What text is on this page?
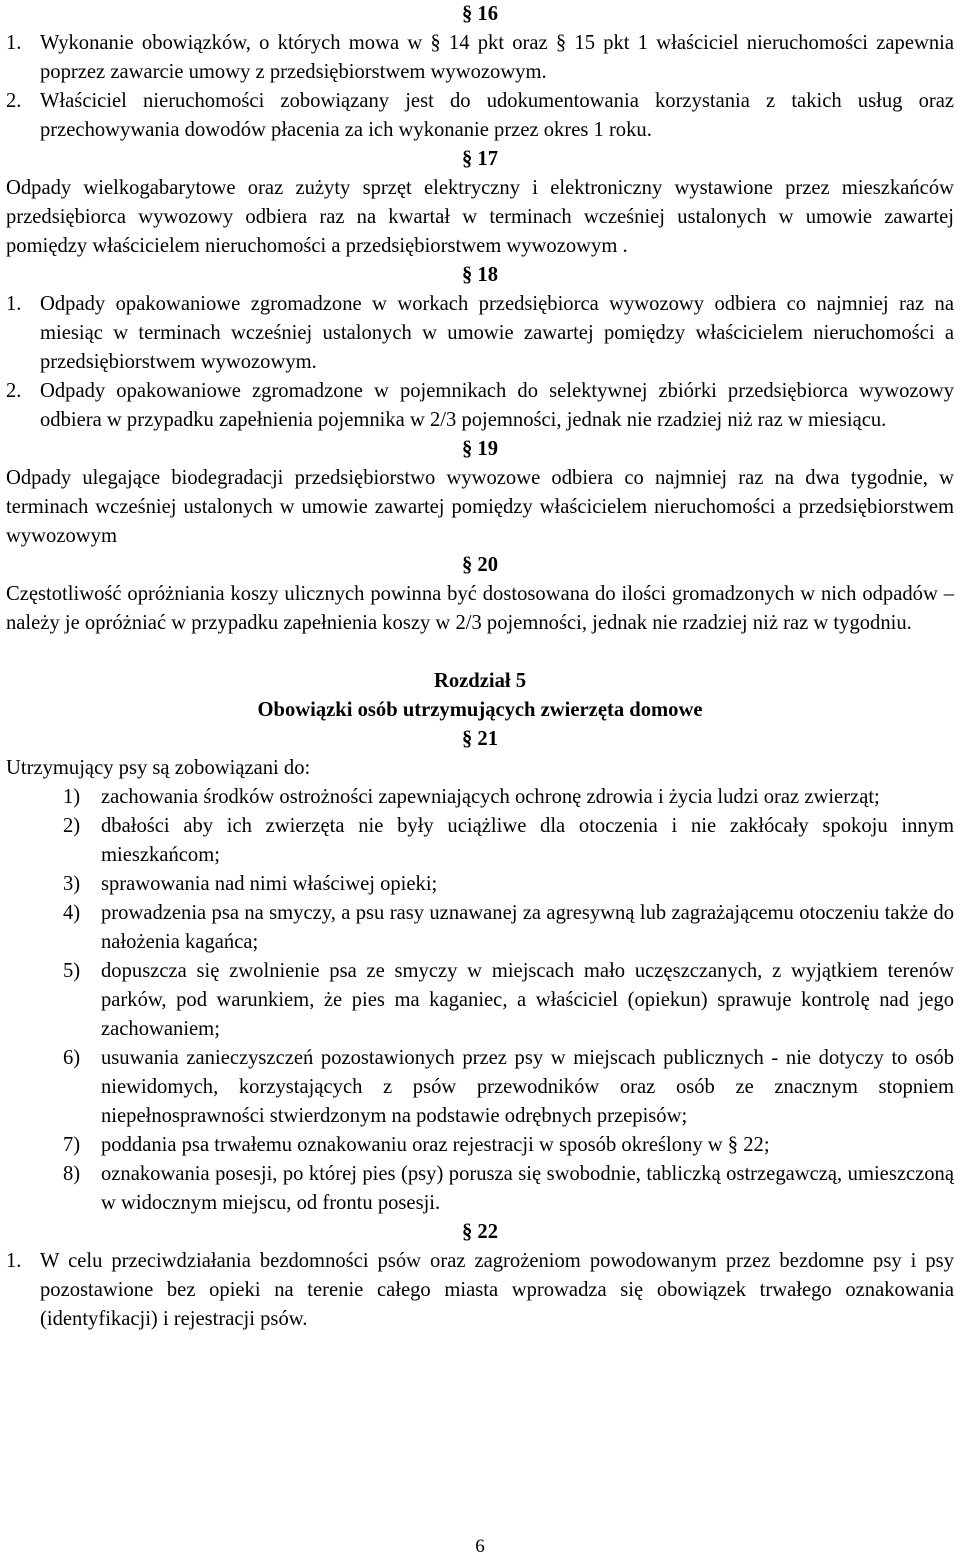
§ 16

1. Wykonanie obowiązków, o których mowa w § 14 pkt oraz § 15 pkt 1 właściciel nieruchomości zapewnia poprzez zawarcie umowy z przedsiębiorstwem wywozowym.
2. Właściciel nieruchomości zobowiązany jest do udokumentowania korzystania z takich usług oraz przechowywania dowodów płacenia za ich wykonanie przez okres 1 roku.

§ 17

Odpady wielkogabarytowe oraz zużyty sprzęt elektryczny i elektroniczny wystawione przez mieszkańców przedsiębiorca wywozowy odbiera raz na kwartał w terminach wcześniej ustalonych w umowie zawartej pomiędzy właścicielem nieruchomości a przedsiębiorstwem wywozowym .

§ 18

1. Odpady opakowaniowe zgromadzone w workach przedsiębiorca wywozowy odbiera co najmniej raz na miesiąc w terminach wcześniej ustalonych w umowie zawartej pomiędzy właścicielem nieruchomości a przedsiębiorstwem wywozowym.
2. Odpady opakowaniowe zgromadzone w pojemnikach do selektywnej zbiórki przedsiębiorca wywozowy odbiera w przypadku zapełnienia pojemnika w 2/3 pojemności, jednak nie rzadziej niż raz w miesiącu.

§ 19

Odpady ulegające biodegradacji przedsiębiorstwo wywozowe odbiera co najmniej raz na dwa tygodnie, w terminach wcześniej ustalonych w umowie zawartej pomiędzy właścicielem nieruchomości a przedsiębiorstwem wywozowym

§ 20

Częstotliwość opróżniania koszy ulicznych powinna być dostosowana do ilości gromadzonych w nich odpadów – należy je opróżniać w przypadku zapełnienia koszy w 2/3 pojemności, jednak nie rzadziej niż raz w tygodniu.

Rozdział 5

Obowiązki osób utrzymujących zwierzęta domowe

§ 21

Utrzymujący psy są zobowiązani do:

1)	zachowania środków ostrożności zapewniających ochronę zdrowia i życia ludzi oraz zwierząt;
2)	dbałości aby ich zwierzęta nie były uciążliwe dla otoczenia i nie zakłócały spokoju innym mieszkańcom;
3)	sprawowania nad nimi właściwej opieki;
4)	prowadzenia psa na smyczy, a psu rasy uznawanej za agresywną lub zagrażającemu otoczeniu także do nałożenia kagańca;
5)	dopuszcza się zwolnienie psa ze smyczy w miejscach mało uczęszczanych, z wyjątkiem terenów parków, pod warunkiem, że pies ma kaganiec, a właściciel (opiekun) sprawuje kontrolę nad jego zachowaniem;
6)	usuwania zanieczyszczeń pozostawionych przez psy w miejscach publicznych - nie dotyczy to osób niewidomych, korzystających z psów przewodników oraz osób ze znacznym stopniem niepełnosprawności stwierdzonym na podstawie odrębnych przepisów;
7)	poddania psa trwałemu oznakowaniu oraz rejestracji w sposób określony w § 22;
8)	oznakowania posesji, po której pies (psy) porusza się swobodnie, tabliczką ostrzegawczą, umieszczoną w widocznym miejscu, od frontu posesji.

§ 22

1. W celu przeciwdziałania bezdomności psów oraz zagrożeniom powodowanym przez bezdomne psy i psy pozostawione bez opieki na terenie całego miasta wprowadza się obowiązek trwałego oznakowania (identyfikacji) i rejestracji psów.
6
